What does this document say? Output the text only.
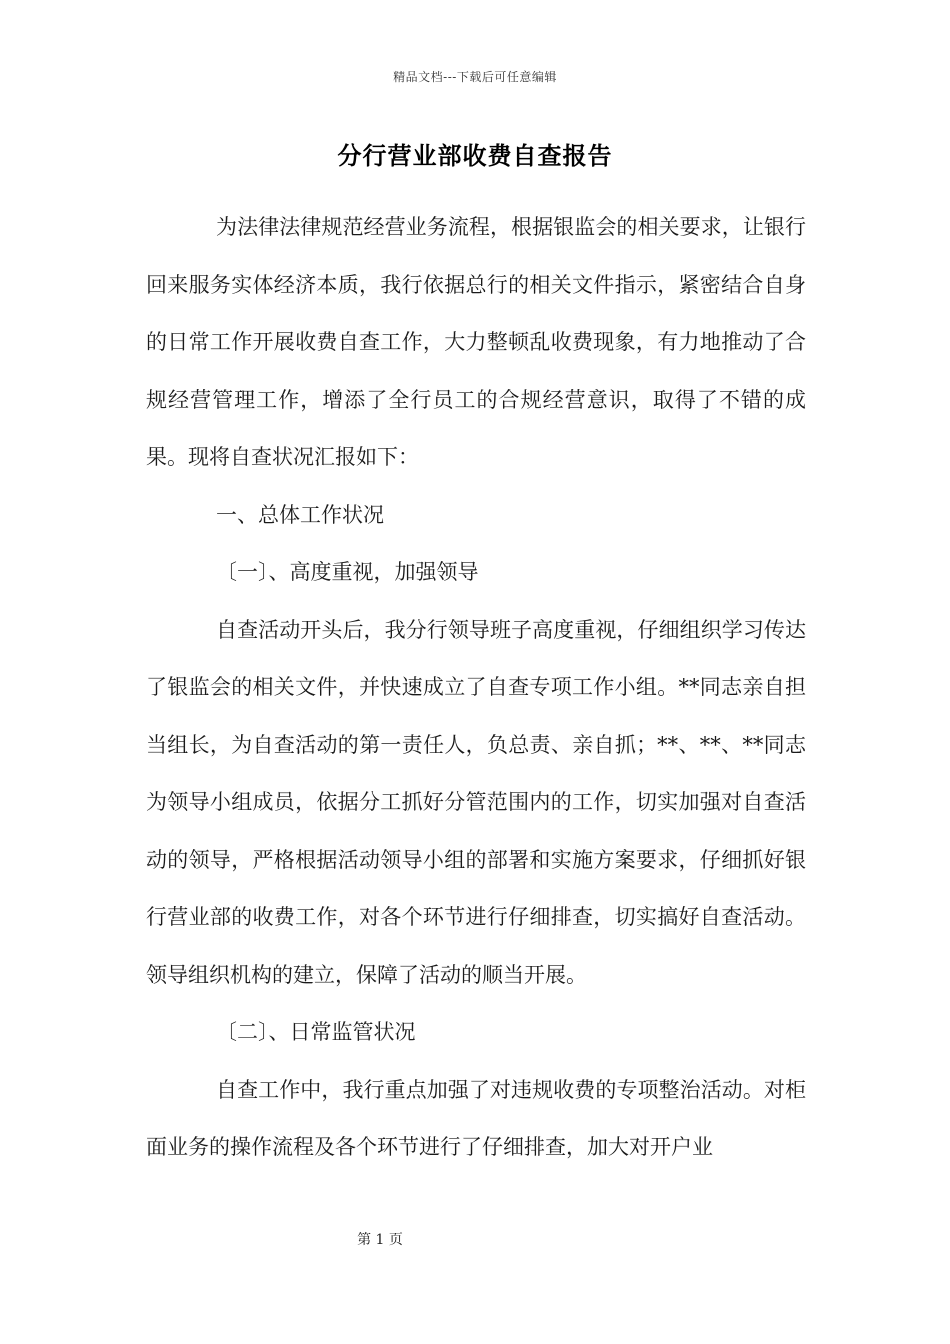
精品文档---下载后可任意编辑
分行营业部收费自查报告

为法律法律规范经营业务流程，根据银监会的相关要求，让银行回来服务实体经济本质，我行依据总行的相关文件指示，紧密结合自身的日常工作开展收费自查工作，大力整顿乱收费现象，有力地推动了合规经营管理工作，增添了全行员工的合规经营意识，取得了不错的成果。现将自查状况汇报如下：

一、总体工作状况

〔一〕、高度重视，加强领导

自查活动开头后，我分行领导班子高度重视，仔细组织学习传达了银监会的相关文件，并快速成立了自查专项工作小组。**同志亲自担当组长，为自查活动的第一责任人，负总责、亲自抓；**、**、**同志为领导小组成员，依据分工抓好分管范围内的工作，切实加强对自查活动的领导，严格根据活动领导小组的部署和实施方案要求，仔细抓好银行营业部的收费工作，对各个环节进行仔细排查，切实搞好自查活动。领导组织机构的建立，保障了活动的顺当开展。

〔二〕、日常监管状况

自查工作中，我行重点加强了对违规收费的专项整治活动。对柜面业务的操作流程及各个环节进行了仔细排查，加大对开户业

第 1 页
